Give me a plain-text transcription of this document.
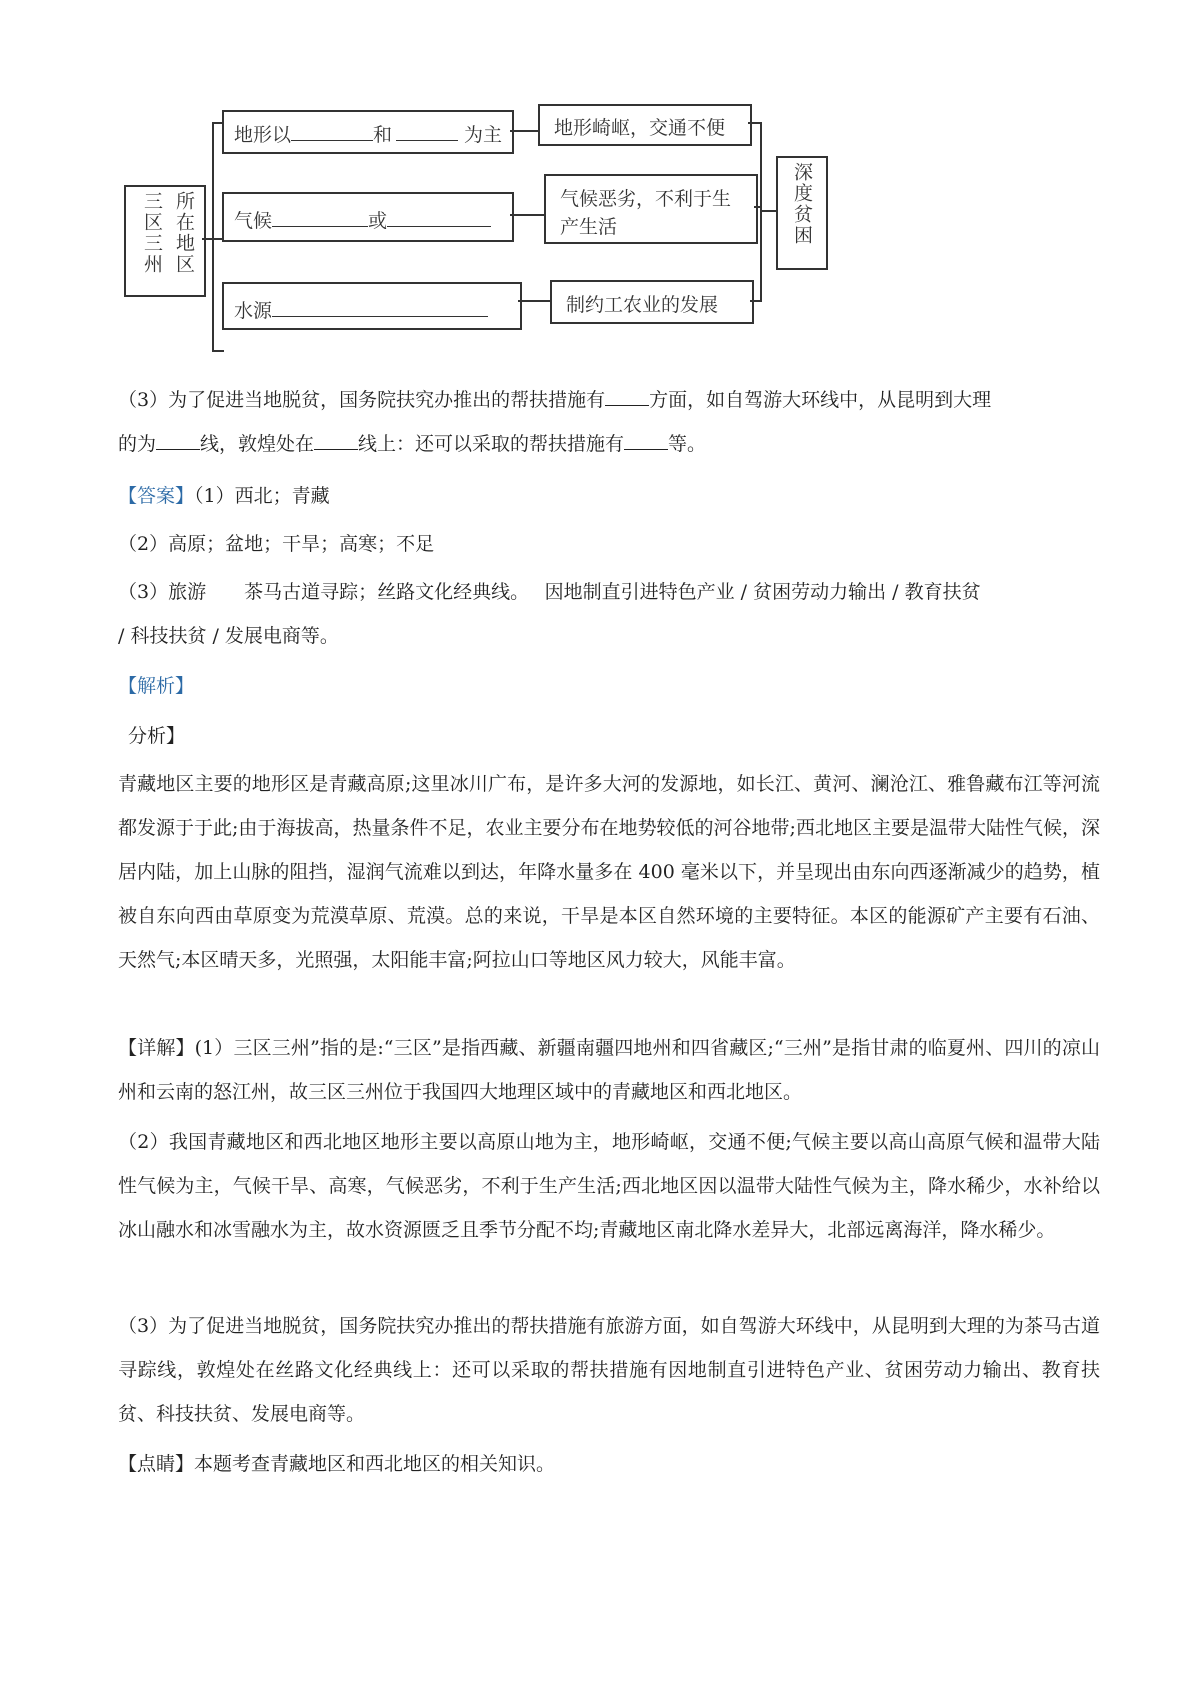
所在地区
三区三州
地形以	和	为主	地形崎岖，交通不便
气候	或
气候恶劣，不利于生
产生活
水源	制约工农业的发展
深度贫困
（3）为了促进当地脱贫，国务院扶究办推出的帮扶措施有 方面，如自驾游大环线中，从昆明到大理
的为 线，敦煌处在 线上：还可以采取的帮扶措施有 等。
【答案】（1）西北；青藏
（2）高原；盆地；干旱；高寒；不足
（3）旅游　　茶马古道寻踪；丝路文化经典线。　 因地制直引进特色产业 / 贫困劳动力输出 / 教育扶贫
/ 科技扶贫 / 发展电商等。
【解析】
分析】
青藏地区主要的地形区是青藏高原;这里冰川广布，是许多大河的发源地，如长江、黄河、澜沧江、雅鲁藏布江等河流都发源于于此;由于海拔高，热量条件不足，农业主要分布在地势较低的河谷地带;西北地区主要是温带大陆性气候，深居内陆，加上山脉的阻挡，湿润气流难以到达，年降水量多在 400 毫米以下，并呈现出由东向西逐渐减少的趋势，植被自东向西由草原变为荒漠草原、荒漠。总的来说，干旱是本区自然环境的主要特征。本区的能源矿产主要有石油、天然气;本区晴天多，光照强，太阳能丰富;阿拉山口等地区风力较大，风能丰富。
【详解】(1）三区三州”指的是:“三区”是指西藏、新疆南疆四地州和四省藏区;“三州”是指甘肃的临夏州、四川的凉山州和云南的怒江州，故三区三州位于我国四大地理区域中的青藏地区和西北地区。
（2）我国青藏地区和西北地区地形主要以高原山地为主，地形崎岖，交通不便;气候主要以高山高原气候和温带大陆性气候为主，气候干旱、高寒，气候恶劣，不利于生产生活;西北地区因以温带大陆性气候为主，降水稀少，水补给以冰山融水和冰雪融水为主，故水资源匮乏且季节分配不均;青藏地区南北降水差异大，北部远离海洋，降水稀少。
（3）为了促进当地脱贫，国务院扶究办推出的帮扶措施有旅游方面，如自驾游大环线中，从昆明到大理的为茶马古道寻踪线，敦煌处在丝路文化经典线上：还可以采取的帮扶措施有因地制直引进特色产业、贫困劳动力输出、教育扶贫、科技扶贫、发展电商等。
【点睛】本题考查青藏地区和西北地区的相关知识。
